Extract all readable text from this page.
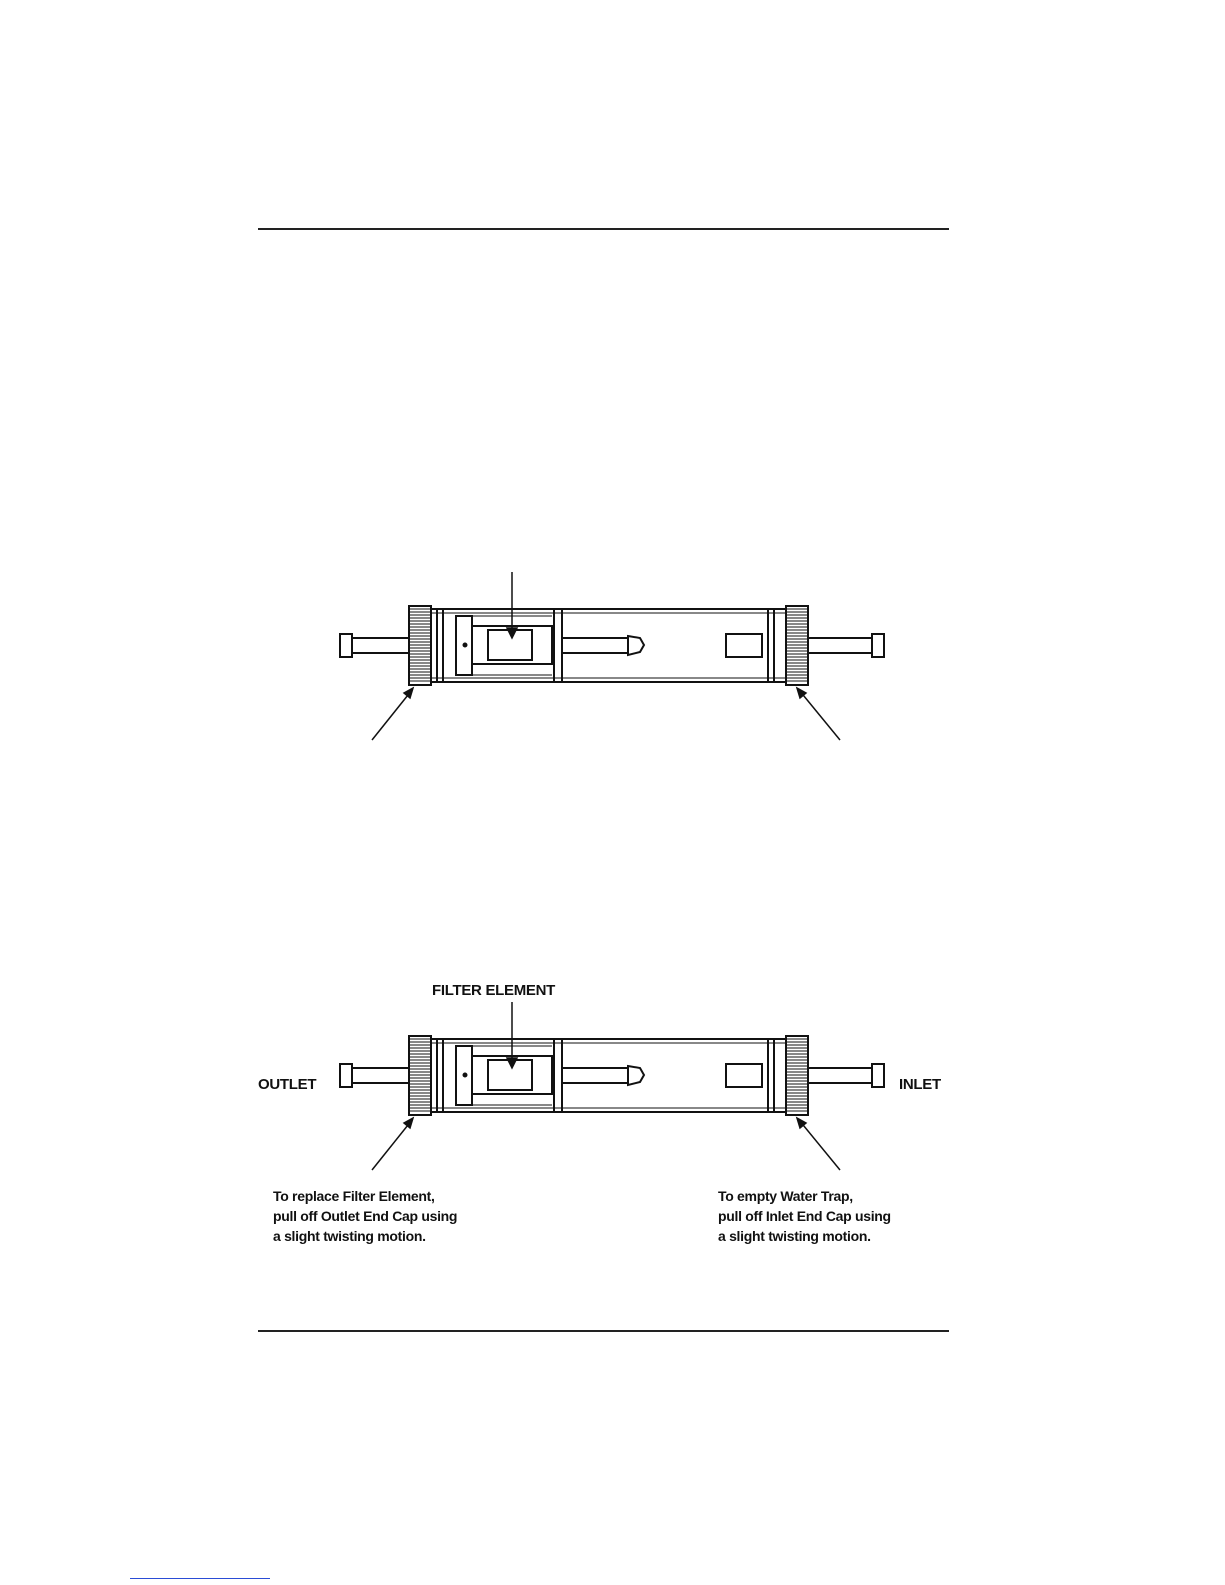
FILTER ELEMENT
OUTLET	INLET
To replace Filter Element,
pull off Outlet End Cap using
a slight twisting motion.
To empty Water Trap,
pull off Inlet End Cap using
a slight twisting motion.
